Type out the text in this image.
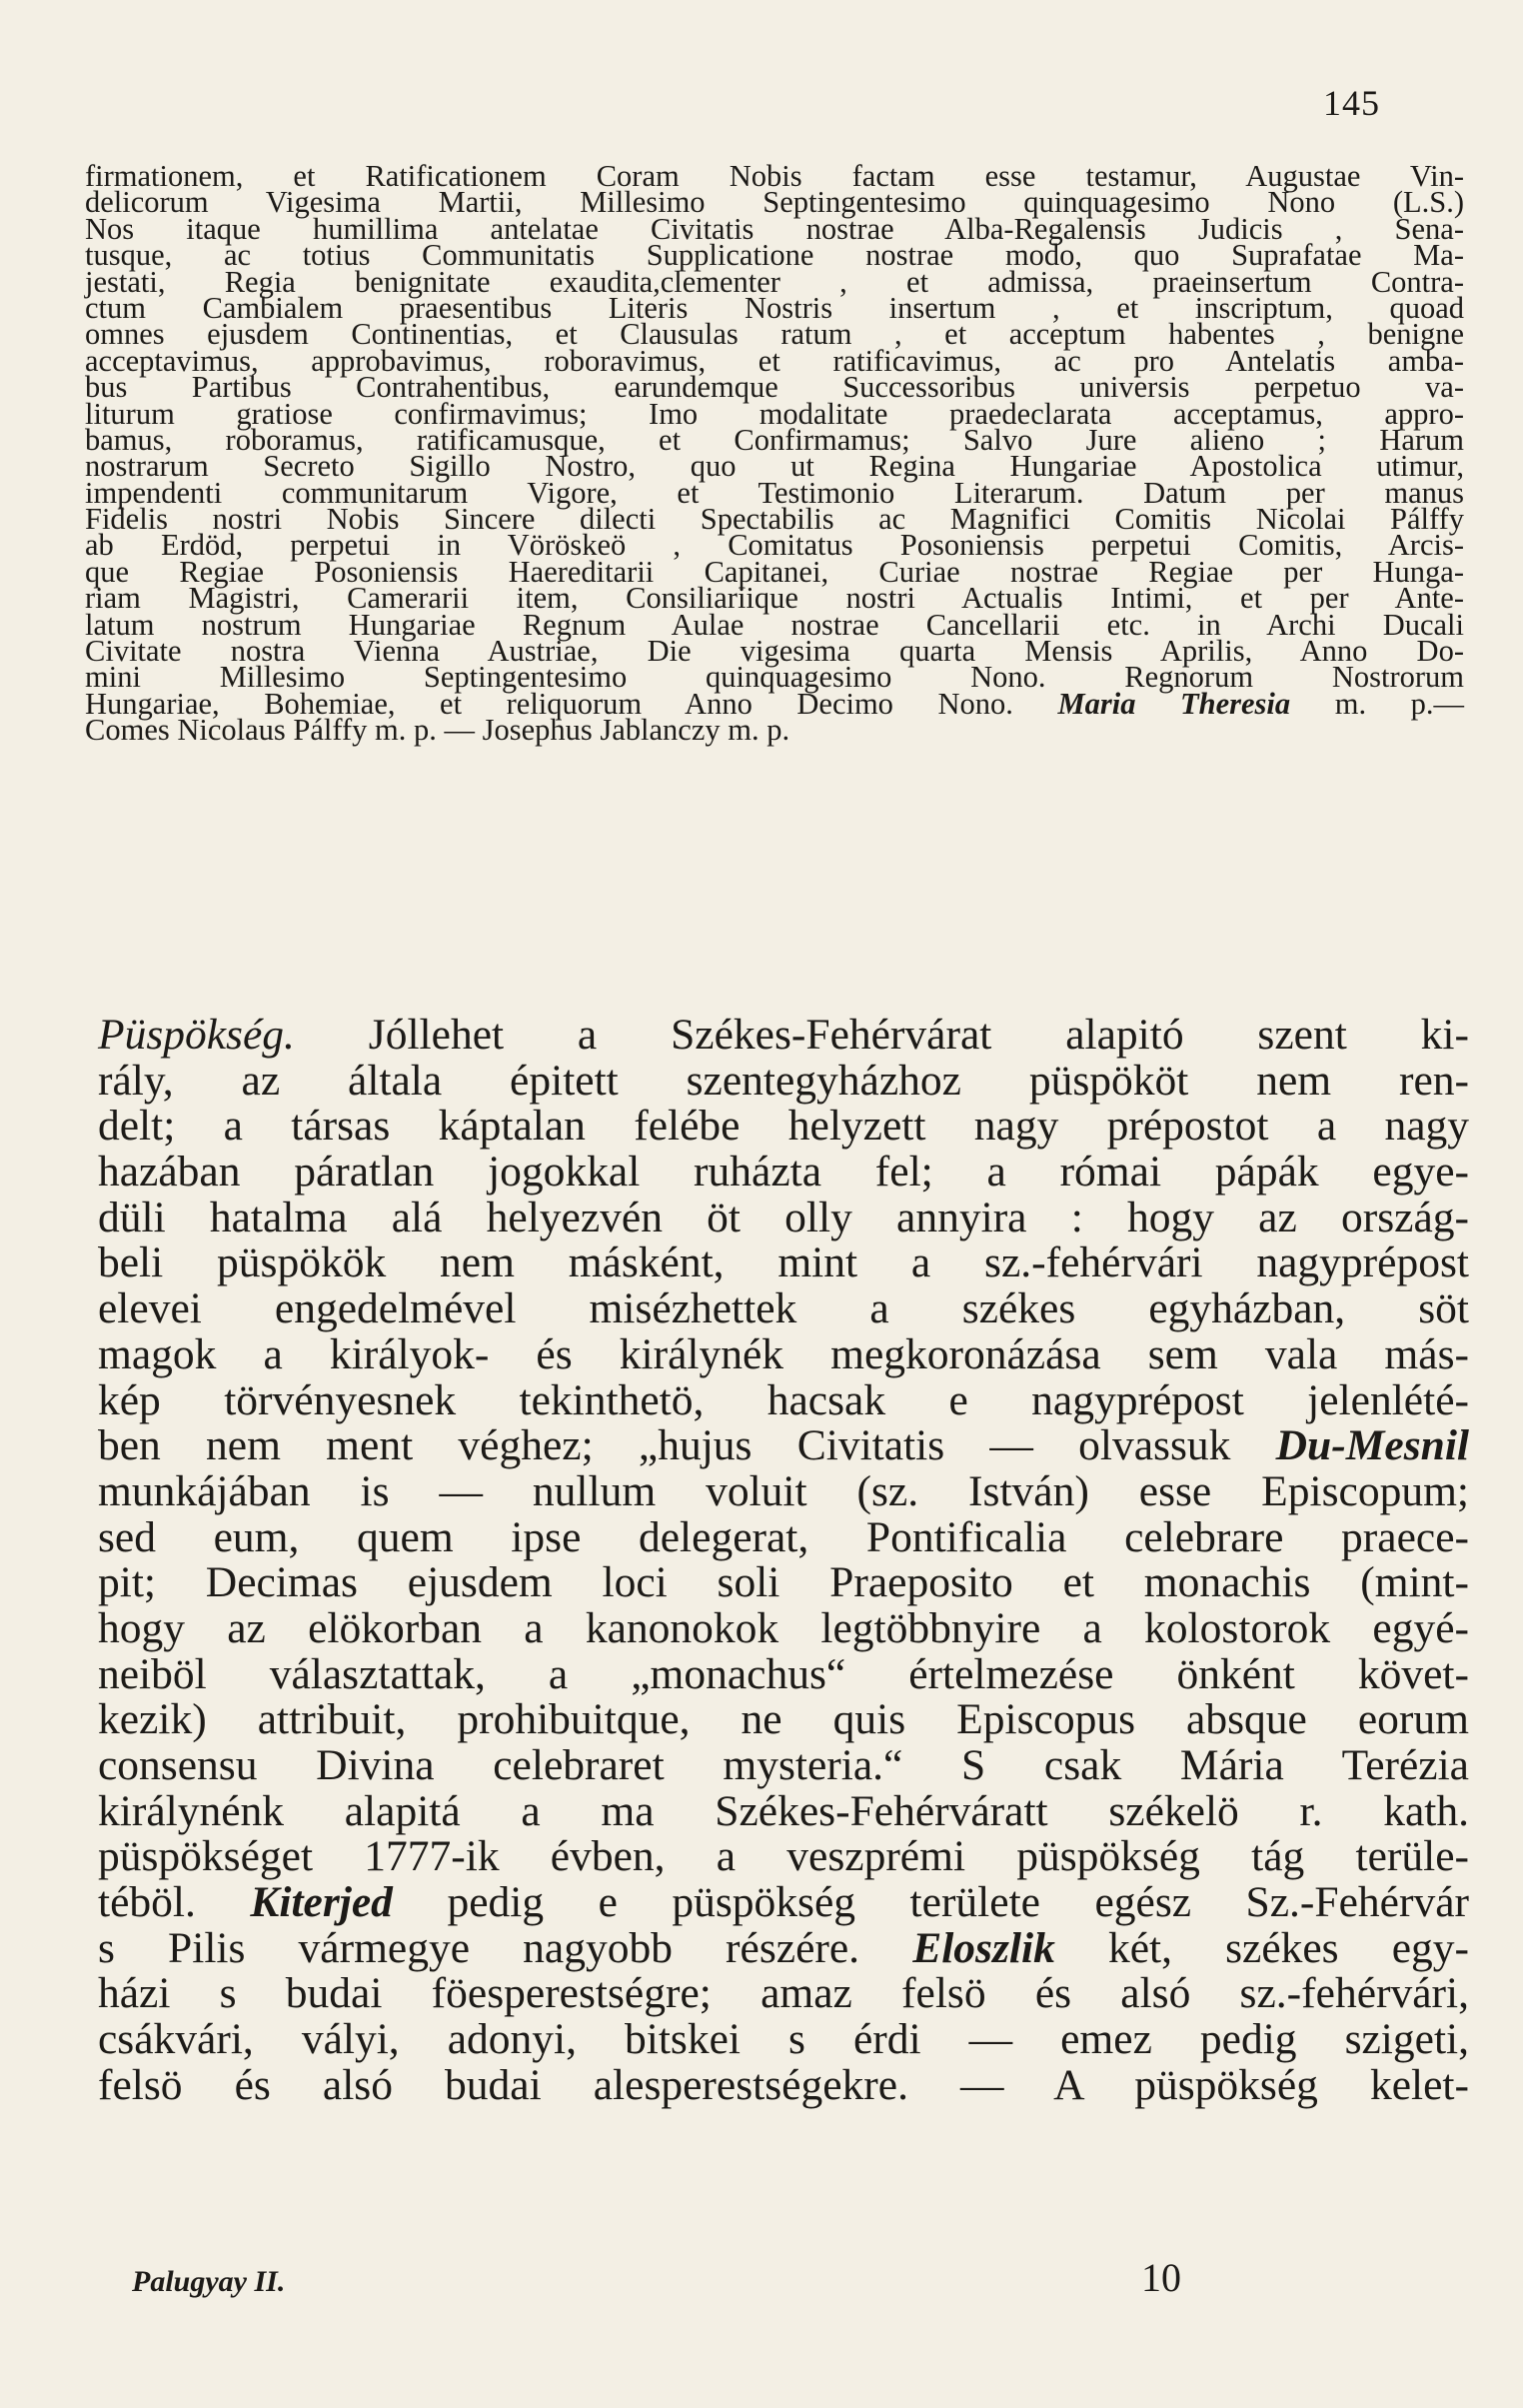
145
firmationem, et Ratificationem Coram Nobis factam esse testamur, Augustae Vin-
delicorum Vigesima Martii, Millesimo Septingentesimo quinquagesimo Nono (L.S.)
Nos itaque humillima antelatae Civitatis nostrae Alba-Regalensis Judicis , Sena-
tusque, ac totius Communitatis Supplicatione nostrae modo, quo Suprafatae Ma-
jestati, Regia benignitate exaudita,clementer , et admissa, praeinsertum Contra-
ctum Cambialem praesentibus Literis Nostris insertum , et inscriptum, quoad
omnes ejusdem Continentias, et Clausulas ratum , et acceptum habentes , benigne
acceptavimus, approbavimus, roboravimus, et ratificavimus, ac pro Antelatis amba-
bus Partibus Contrahentibus, earundemque Successoribus universis perpetuo va-
liturum gratiose confirmavimus; Imo modalitate praedeclarata acceptamus, appro-
bamus, roboramus, ratificamusque, et Confirmamus; Salvo Jure alieno ; Harum
nostrarum Secreto Sigillo Nostro, quo ut Regina Hungariae Apostolica utimur,
impendenti communitarum Vigore, et Testimonio Literarum. Datum per manus
Fidelis nostri Nobis Sincere dilecti Spectabilis ac Magnifici Comitis Nicolai Pálffy
ab Erdöd, perpetui in Vöröskeö , Comitatus Posoniensis perpetui Comitis, Arcis-
que Regiae Posoniensis Haereditarii Capitanei, Curiae nostrae Regiae per Hunga-
riam Magistri, Camerarii item, Consiliariique nostri Actualis Intimi, et per Ante-
latum nostrum Hungariae Regnum Aulae nostrae Cancellarii etc. in Archi Ducali
Civitate nostra Vienna Austriae, Die vigesima quarta Mensis Aprilis, Anno Do-
mini Millesimo Septingentesimo quinquagesimo Nono. Regnorum Nostrorum
Hungariae, Bohemiae, et reliquorum Anno Decimo Nono. Maria Theresia m. p.—
Comes Nicolaus Pálffy m. p. — Josephus Jablanczy m. p.
Püspökség. Jóllehet a Székes-Fehérvárat alapitó szent ki-
rály, az általa épitett szentegyházhoz püspököt nem ren-
delt; a társas káptalan felébe helyzett nagy prépostot a nagy
hazában páratlan jogokkal ruházta fel; a római pápák egye-
düli hatalma alá helyezvén öt olly annyira : hogy az ország-
beli püspökök nem másként, mint a sz.-fehérvári nagyprépost
elevei engedelmével misézhettek a székes egyházban, söt
magok a királyok- és királynék megkoronázása sem vala más-
kép törvényesnek tekinthetö, hacsak e nagyprépost jelenlété-
ben nem ment véghez; „hujus Civitatis — olvassuk Du-Mesnil
munkájában is — nullum voluit (sz. István) esse Episcopum;
sed eum, quem ipse delegerat, Pontificalia celebrare praece-
pit; Decimas ejusdem loci soli Praeposito et monachis (mint-
hogy az elökorban a kanonokok legtöbbnyire a kolostorok egyé-
neiböl választattak, a „monachus“ értelmezése önként követ-
kezik) attribuit, prohibuitque, ne quis Episcopus absque eorum
consensu Divina celebraret mysteria.“ S csak Mária Terézia
királynénk alapitá a ma Székes-Fehérváratt székelö r. kath.
püspökséget 1777-ik évben, a veszprémi püspökség tág terüle-
téböl. Kiterjed pedig e püspökség területe egész Sz.-Fehérvár
s Pilis vármegye nagyobb részére. Eloszlik két, székes egy-
házi s budai föesperestségre; amaz felsö és alsó sz.-fehérvári,
csákvári, vályi, adonyi, bitskei s érdi — emez pedig szigeti,
felsö és alsó budai alesperestségekre. — A püspökség kelet-
Palugyay II.	10
